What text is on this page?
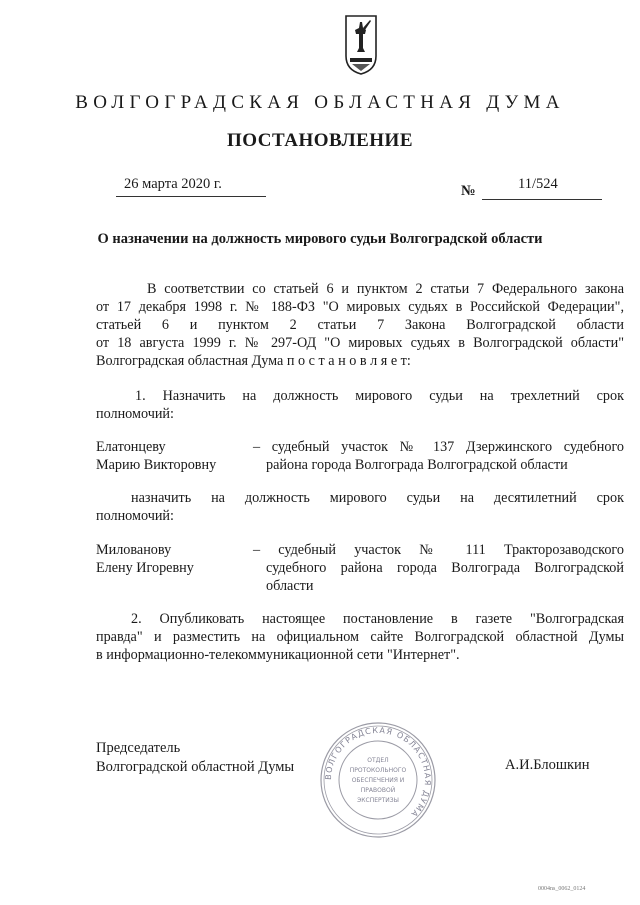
ВОЛГОГРАДСКАЯ ОБЛАСТНАЯ ДУМА
ПОСТАНОВЛЕНИЕ
26 марта 2020 г.	№	11/524
О назначении на должность мирового судьи Волгоградской области
В соответствии со статьей 6 и пунктом 2 статьи 7 Федерального закона
от 17 декабря 1998 г. № 188-ФЗ "О мировых судьях в Российской Федерации",
статьей 6 и пунктом 2 статьи 7 Закона Волгоградской области
от 18 августа 1999 г. № 297-ОД "О мировых судьях в Волгоградской области"
Волгоградская областная Дума п о с т а н о в л я е т:
1. Назначить на должность мирового судьи на трехлетний срок
полномочий:
Елатонцеву
Марию Викторовну
– судебный участок № 137 Дзержинского судебного
района города Волгограда Волгоградской области
назначить на должность мирового судьи на десятилетний срок
полномочий:
Милованову
Елену Игоревну
– судебный участок № 111 Тракторозаводского
судебного района города Волгограда Волгоградской
области
2. Опубликовать настоящее постановление в газете "Волгоградская
правда" и разместить на официальном сайте Волгоградской областной Думы
в информационно-телекоммуникационной сети "Интернет".
Председатель
Волгоградской областной Думы	А.И.Блошкин
ВОЛГОГРАДСКАЯ ОБЛАСТНАЯ ДУМА
ОТДЕЛ
ПРОТОКОЛЬНОГО
ОБЕСПЕЧЕНИЯ И
ПРАВОВОЙ
ЭКСПЕРТИЗЫ
0004ns_0062_0124
